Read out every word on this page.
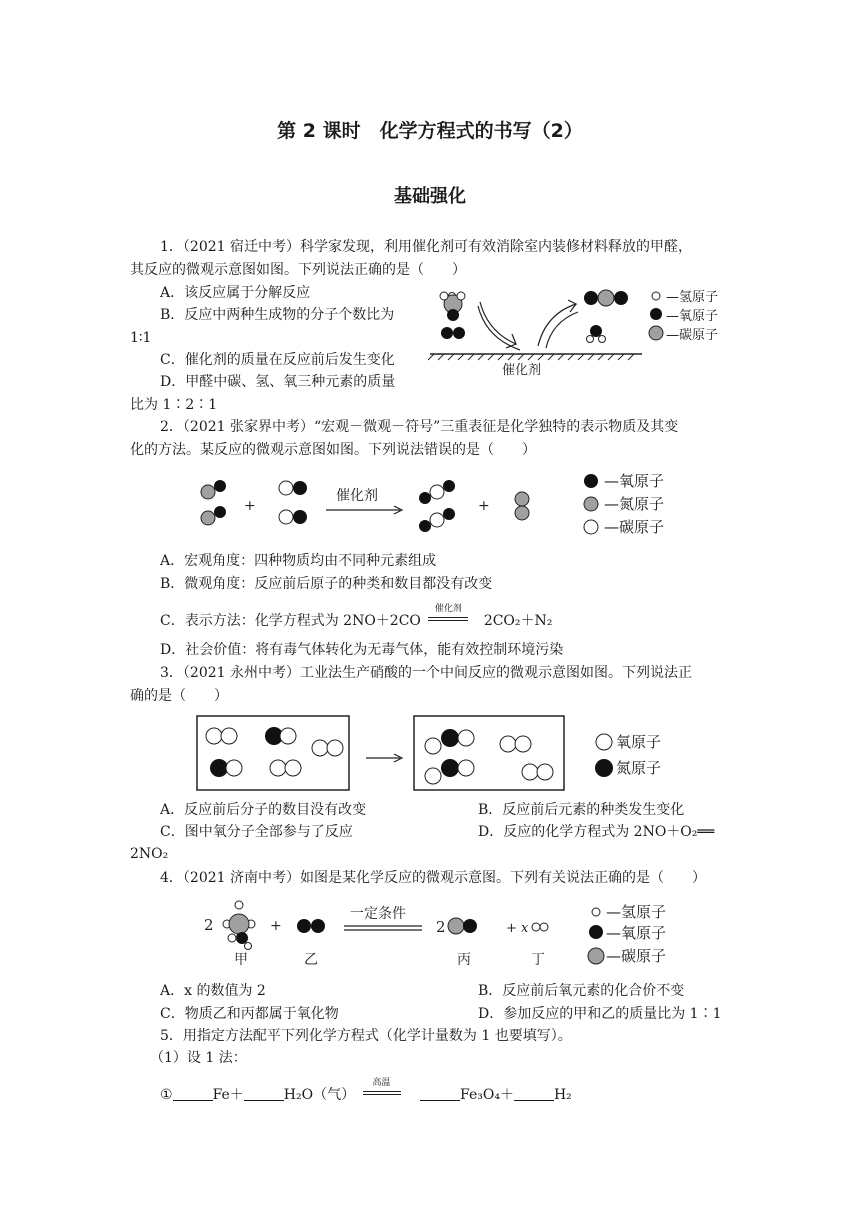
第 2 课时　化学方程式的书写（2）
基础强化
1．（2021 宿迁中考）科学家发现，利用催化剂可有效消除室内装修材料释放的甲醛，
其反应的微观示意图如图。下列说法正确的是（　　）
A．该反应属于分解反应
B．反应中两种生成物的分子个数比为
1∶1
C．催化剂的质量在反应前后发生变化
D．甲醛中碳、氢、氧三种元素的质量
比为 1∶2∶1
催化剂
—氢原子
—氧原子
—碳原子
2．（2021 张家界中考）“宏观－微观－符号”三重表征是化学独特的表示物质及其变
化的方法。某反应的微观示意图如图。下列说法错误的是（　　）
+
催化剂
+
—氧原子
—氮原子
—碳原子
A．宏观角度：四种物质均由不同种元素组成
B．微观角度：反应前后原子的种类和数目都没有改变
C．表示方法：化学方程式为 2NO＋2CO
催化剂
2CO₂＋N₂
D．社会价值：将有毒气体转化为无毒气体，能有效控制环境污染
3．（2021 永州中考）工业法生产硝酸的一个中间反应的微观示意图如图。下列说法正
确的是（　　）
氧原子
氮原子
A．反应前后分子的数目没有改变	B．反应前后元素的种类发生变化
C．图中氧分子全部参与了反应	D．反应的化学方程式为 2NO＋O₂══
2NO₂
4．（2021 济南中考）如图是某化学反应的微观示意图。下列有关说法正确的是（　　）
2	+
一定条件
2	+ x
甲	乙	丙	丁
—氢原子
—氧原子
—碳原子
A．x 的数值为 2	B．反应前后氧元素的化合价不变
C．物质乙和丙都属于氧化物	D．参加反应的甲和乙的质量比为 1∶1
5．用指定方法配平下列化学方程式（化学计量数为 1 也要填写）。
（1）设 1 法：
①	Fe＋	H₂O（气）
高温
Fe₃O₄＋	H₂
